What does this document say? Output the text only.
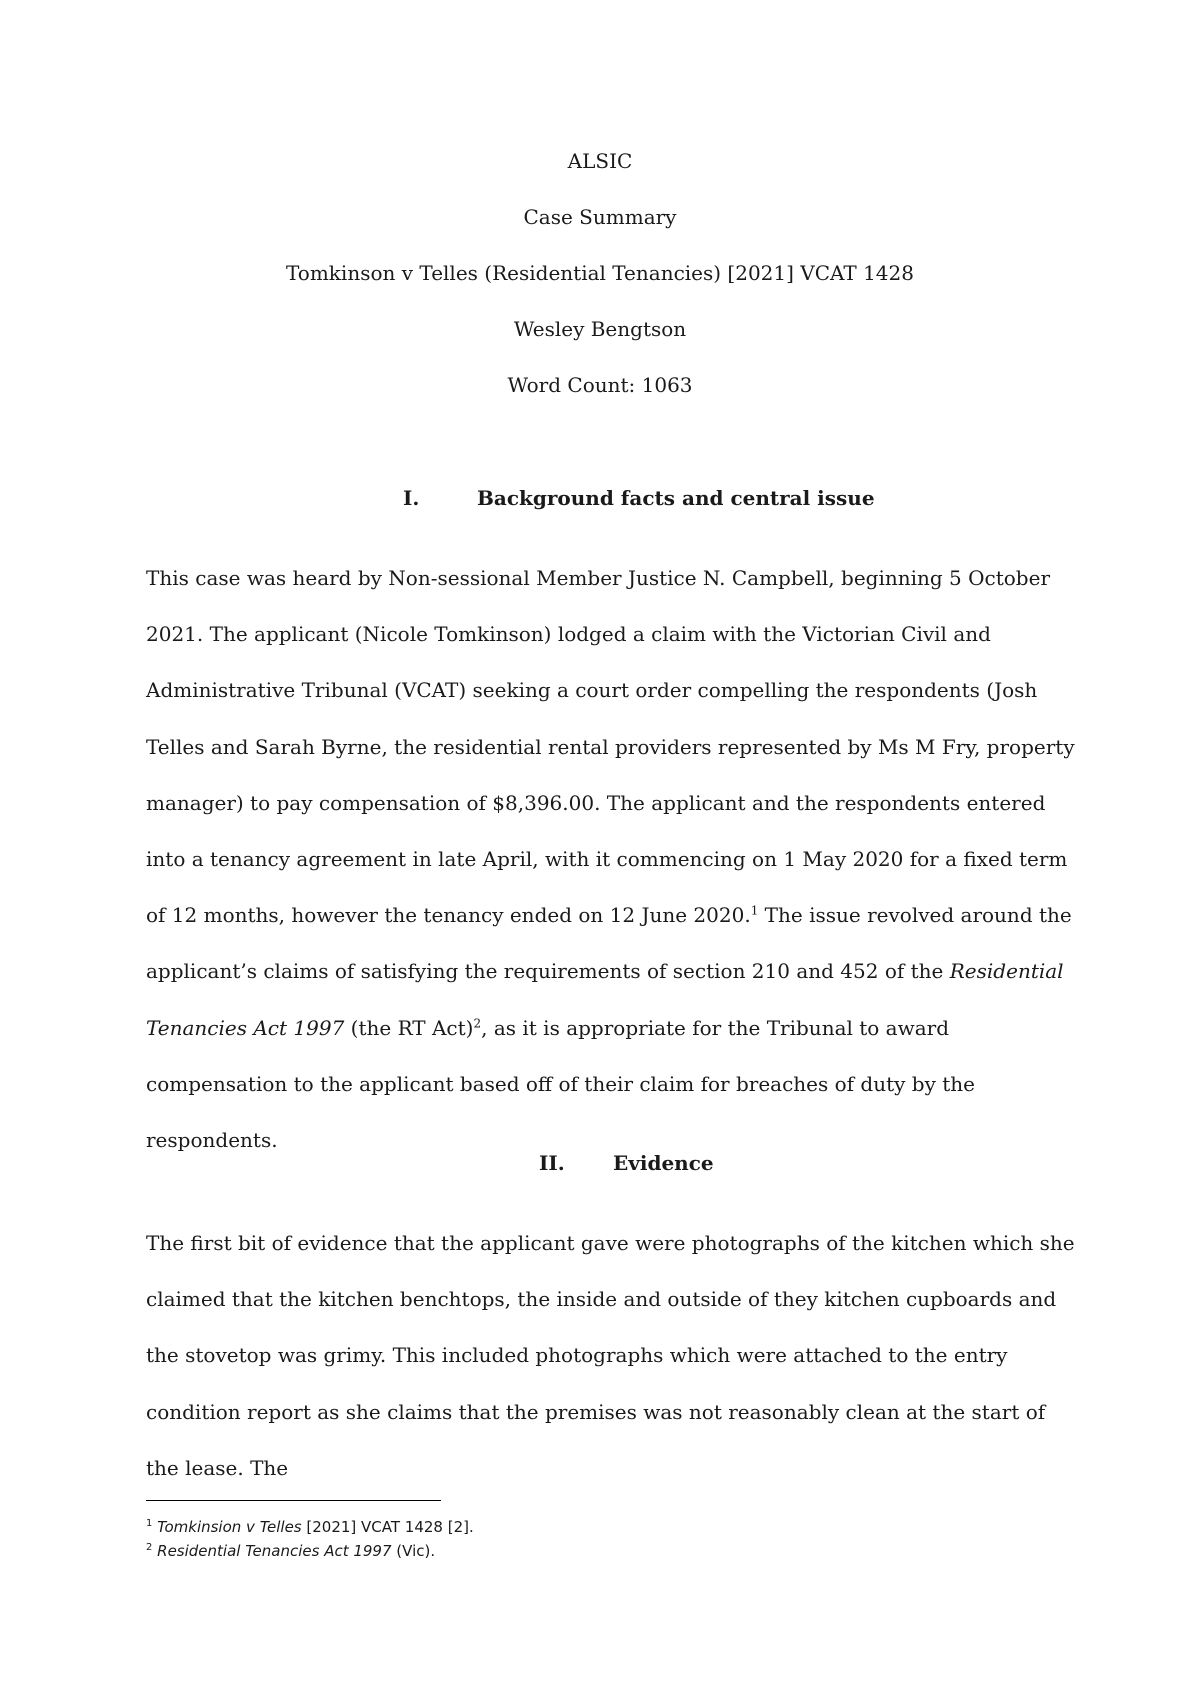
ALSIC
Case Summary
Tomkinson v Telles (Residential Tenancies) [2021] VCAT 1428
Wesley Bengtson
Word Count: 1063
I.	Background facts and central issue
This case was heard by Non-sessional Member Justice N. Campbell, beginning 5 October 2021. The applicant (Nicole Tomkinson) lodged a claim with the Victorian Civil and Administrative Tribunal (VCAT) seeking a court order compelling the respondents (Josh Telles and Sarah Byrne, the residential rental providers represented by Ms M Fry, property manager) to pay compensation of $8,396.00. The applicant and the respondents entered into a tenancy agreement in late April, with it commencing on 1 May 2020 for a fixed term of 12 months, however the tenancy ended on 12 June 2020.$^1$ The issue revolved around the applicant’s claims of satisfying the requirements of section 210 and 452 of the Residential Tenancies Act 1997 (the RT Act)$^2$, as it is appropriate for the Tribunal to award compensation to the applicant based off of their claim for breaches of duty by the respondents.
II. Evidence
The first bit of evidence that the applicant gave were photographs of the kitchen which she claimed that the kitchen benchtops, the inside and outside of they kitchen cupboards and the stovetop was grimy. This included photographs which were attached to the entry condition report as she claims that the premises was not reasonably clean at the start of the lease. The
$^1$ Tomkinsion v Telles [2021] VCAT 1428 [2].
$^2$ Residential Tenancies Act 1997 (Vic).
